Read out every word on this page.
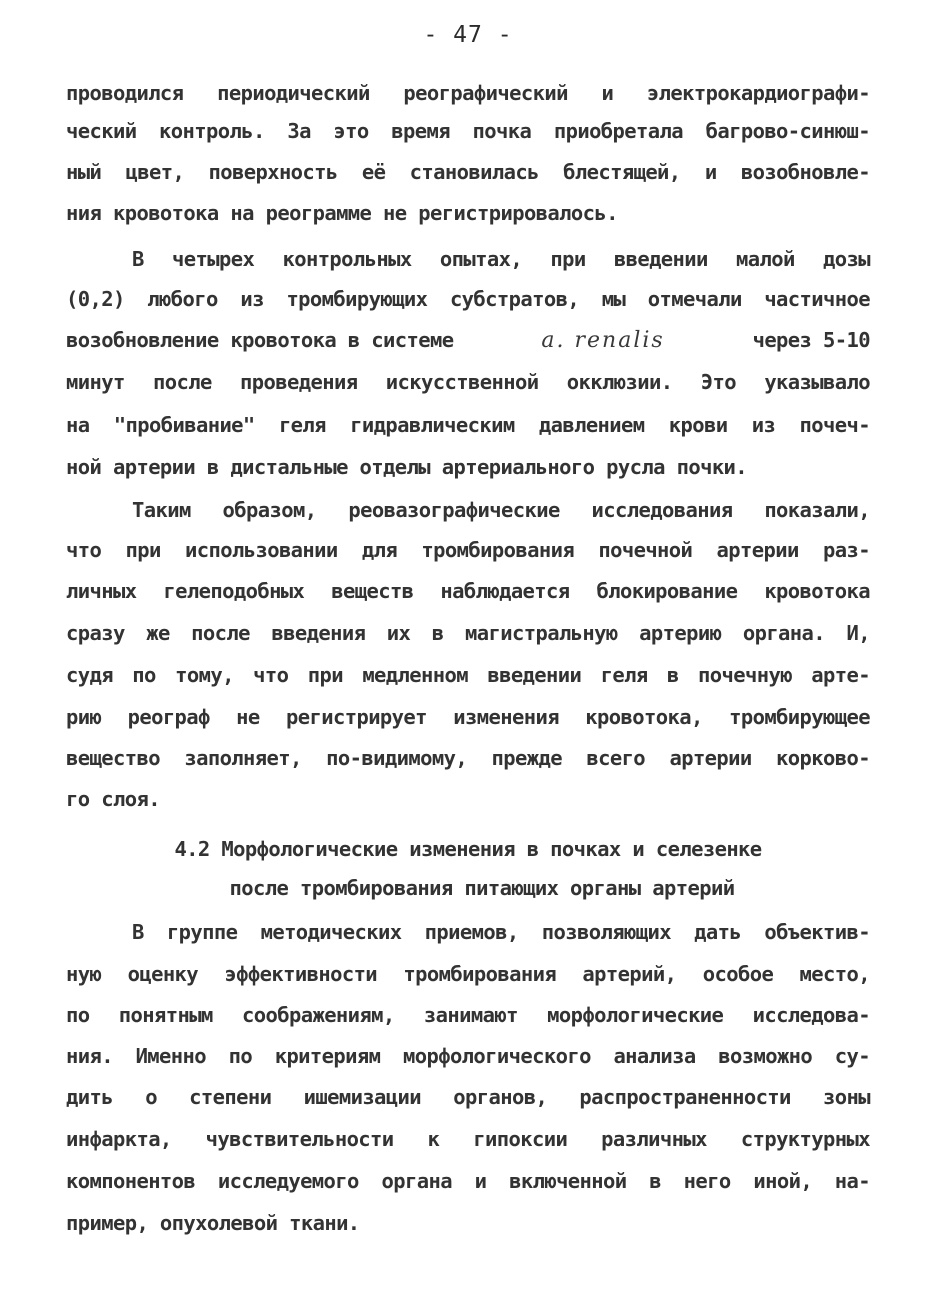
- 47 -
проводился периодический реографический и электрокардиографи-
ческий контроль. За это время почка приобретала багрово-синюш-
ный цвет, поверхность её становилась блестящей, и возобновле-
ния кровотока на реограмме не регистрировалось.
В четырех контрольных опытах, при введении малой дозы
(0,2) любого из тромбирующих субстратов, мы отмечали частичное
возобновление кровотока в системе	a. renalis	через 5-10
минут после проведения искусственной окклюзии. Это указывало
на "пробивание" геля гидравлическим давлением крови из почеч-
ной артерии в дистальные отделы артериального русла почки.
Таким образом, реовазографические исследования показали,
что при использовании для тромбирования почечной артерии раз-
личных гелеподобных веществ наблюдается блокирование кровотока
сразу же после введения их в магистральную артерию органа. И,
судя по тому, что при медленном введении геля в почечную арте-
рию реограф не регистрирует изменения кровотока, тромбирующее
вещество заполняет, по-видимому, прежде всего артерии корково-
го слоя.
4.2 Морфологические изменения в почках и селезенке
после тромбирования питающих органы артерий
В группе методических приемов, позволяющих дать объектив-
ную оценку эффективности тромбирования артерий, особое место,
по понятным соображениям, занимают морфологические исследова-
ния. Именно по критериям морфологического анализа возможно су-
дить о степени ишемизации органов, распространенности зоны
инфаркта, чувствительности к гипоксии различных структурных
компонентов исследуемого органа и включенной в него иной, на-
пример, опухолевой ткани.
